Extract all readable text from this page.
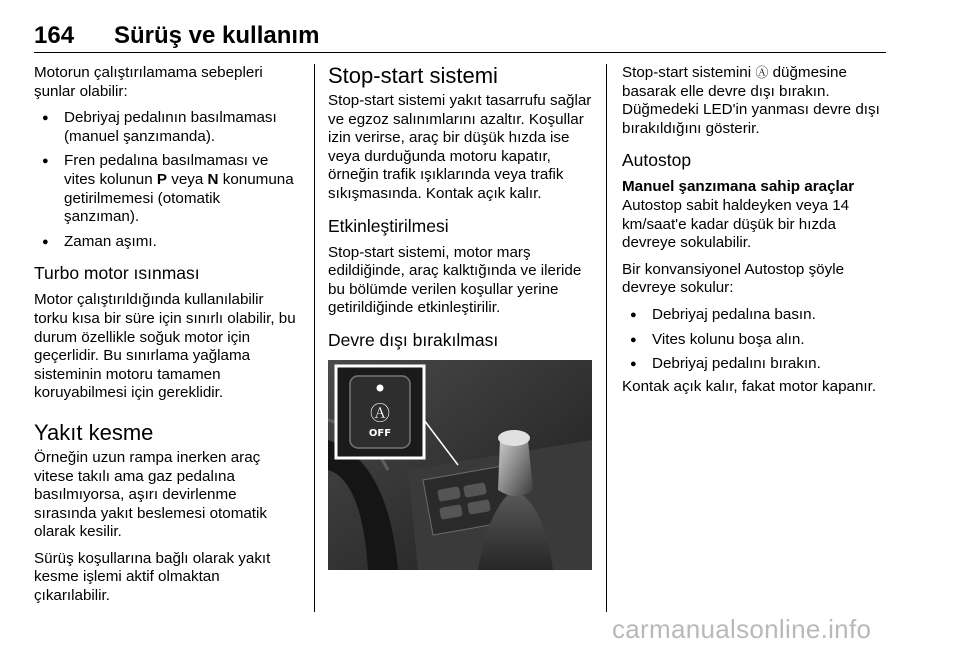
164 Sürüş ve kullanım

Motorun çalıştırılamama sebepleri şunlar olabilir:

● Debriyaj pedalının basılmaması (manuel şanzımanda).
● Fren pedalına basılmaması ve vites kolunun P veya N konumuna getirilmemesi (otomatik şanzıman).
● Zaman aşımı.
Turbo motor ısınması

Motor çalıştırıldığında kullanılabilir torku kısa bir süre için sınırlı olabilir, bu durum özellikle soğuk motor için geçerlidir. Bu sınırlama yağlama sisteminin motoru tamamen koruyabilmesi için gereklidir.

Yakıt kesme

Örneğin uzun rampa inerken araç vitese takılı ama gaz pedalına basılmıyorsa, aşırı devirlenme sırasında yakıt beslemesi otomatik olarak kesilir.

Sürüş koşullarına bağlı olarak yakıt kesme işlemi aktif olmaktan çıkarılabilir.

Stop-start sistemi

Stop-start sistemi yakıt tasarrufu sağlar ve egzoz salınımlarını azaltır. Koşullar izin verirse, araç bir düşük hızda ise veya durduğunda motoru kapatır, örneğin trafik ışıklarında veya trafik sıkışmasında. Kontak açık kalır.

Etkinleştirilmesi

Stop-start sistemi, motor marş edildiğinde, araç kalktığında ve ileride bu bölümde verilen koşullar yerine getirildiğinde etkinleştirilir.

Devre dışı bırakılması
Ⓐ
OFF

Stop-start sistemini Ⓐ düğmesine basarak elle devre dışı bırakın. Düğmedeki LED'in yanması devre dışı bırakıldığını gösterir.

Autostop
Manuel şanzımana sahip araçlar

Autostop sabit haldeyken veya 14 km/saat'e kadar düşük bir hızda devreye sokulabilir.

Bir konvansiyonel Autostop şöyle devreye sokulur:

● Debriyaj pedalına basın.
● Vites kolunu boşa alın.
● Debriyaj pedalını bırakın.

Kontak açık kalır, fakat motor kapanır.

carmanualsonline.info
